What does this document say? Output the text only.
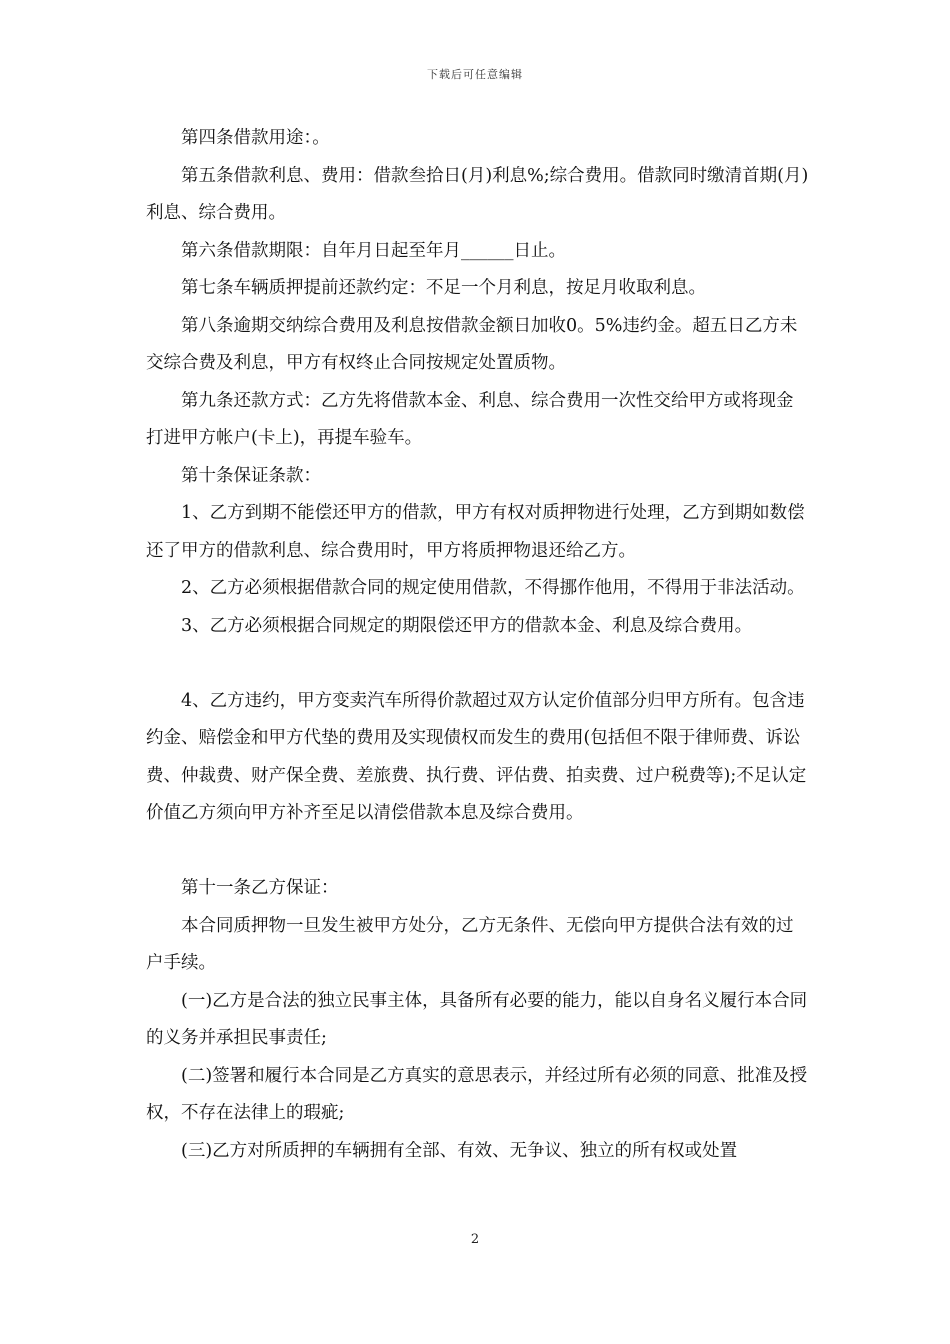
下载后可任意编辑

第四条借款用途：。

第五条借款利息、费用：借款叁拾日(月)利息%;综合费用。借款同时缴清首期(月)利息、综合费用。

第六条借款期限：自年月日起至年月______日止。

第七条车辆质押提前还款约定：不足一个月利息，按足月收取利息。

第八条逾期交纳综合费用及利息按借款金额日加收0。5%违约金。超五日乙方未交综合费及利息，甲方有权终止合同按规定处置质物。

第九条还款方式：乙方先将借款本金、利息、综合费用一次性交给甲方或将现金打进甲方帐户(卡上)，再提车验车。

第十条保证条款：

1、乙方到期不能偿还甲方的借款，甲方有权对质押物进行处理，乙方到期如数偿还了甲方的借款利息、综合费用时，甲方将质押物退还给乙方。

2、乙方必须根据借款合同的规定使用借款，不得挪作他用，不得用于非法活动。

3、乙方必须根据合同规定的期限偿还甲方的借款本金、利息及综合费用。

4、乙方违约，甲方变卖汽车所得价款超过双方认定价值部分归甲方所有。包含违约金、赔偿金和甲方代垫的费用及实现债权而发生的费用(包括但不限于律师费、诉讼费、仲裁费、财产保全费、差旅费、执行费、评估费、拍卖费、过户税费等);不足认定价值乙方须向甲方补齐至足以清偿借款本息及综合费用。

第十一条乙方保证：

本合同质押物一旦发生被甲方处分，乙方无条件、无偿向甲方提供合法有效的过户手续。

(一)乙方是合法的独立民事主体，具备所有必要的能力，能以自身名义履行本合同的义务并承担民事责任;

(二)签署和履行本合同是乙方真实的意思表示，并经过所有必须的同意、批准及授权，不存在法律上的瑕疵;

(三)乙方对所质押的车辆拥有全部、有效、无争议、独立的所有权或处置

2
